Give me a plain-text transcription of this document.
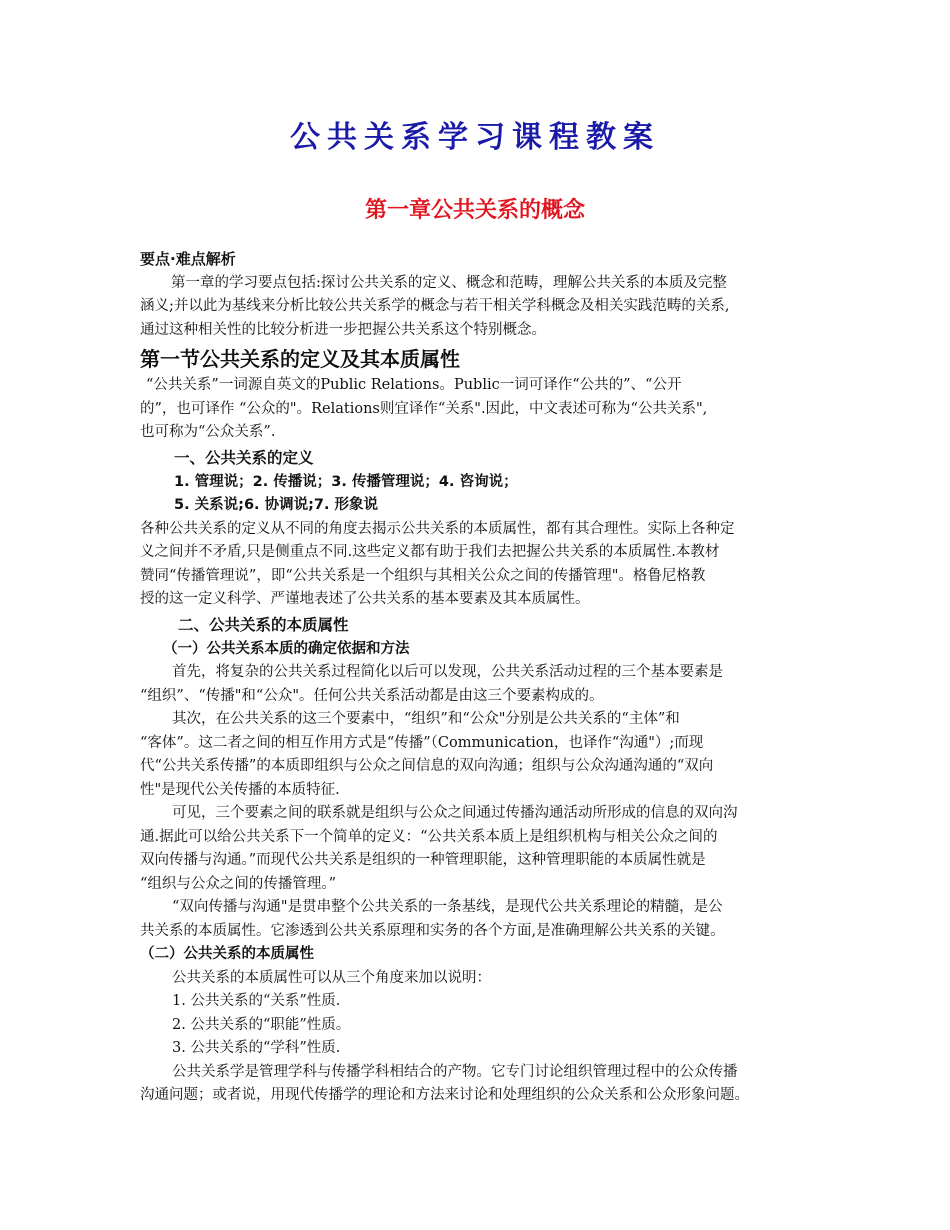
公共关系学习课程教案
第一章公共关系的概念
要点·难点解析
第一章的学习要点包括:探讨公共关系的定义、概念和范畴，理解公共关系的本质及完整
涵义;并以此为基线来分析比较公共关系学的概念与若干相关学科概念及相关实践范畴的关系,
通过这种相关性的比较分析进一步把握公共关系这个特别概念。
第一节公共关系的定义及其本质属性
“公共关系”一词源自英文的Public Relations。Public一词可译作“公共的”、“公开
的”，也可译作 “公众的"。Relations则宜译作“关系".因此，中文表述可称为“公共关系",
也可称为“公众关系”.
一、公共关系的定义
1. 管理说；2. 传播说；3. 传播管理说；4. 咨询说；
5. 关系说;6. 协调说;7. 形象说
各种公共关系的定义从不同的角度去揭示公共关系的本质属性，都有其合理性。实际上各种定
义之间并不矛盾,只是侧重点不同.这些定义都有助于我们去把握公共关系的本质属性.本教材
赞同“传播管理说”，即“公共关系是一个组织与其相关公众之间的传播管理"。格鲁尼格教
授的这一定义科学、严谨地表述了公共关系的基本要素及其本质属性。
二、公共关系的本质属性
（一）公共关系本质的确定依据和方法
首先，将复杂的公共关系过程简化以后可以发现，公共关系活动过程的三个基本要素是
“组织”、“传播"和“公众"。任何公共关系活动都是由这三个要素构成的。
其次，在公共关系的这三个要素中，“组织”和“公众"分别是公共关系的“主体”和
“客体”。这二者之间的相互作用方式是“传播”（Communication，也译作“沟通"）;而现
代“公共关系传播”的本质即组织与公众之间信息的双向沟通；组织与公众沟通沟通的“双向
性"是现代公关传播的本质特征.
可见，三个要素之间的联系就是组织与公众之间通过传播沟通活动所形成的信息的双向沟
通.据此可以给公共关系下一个简单的定义：“公共关系本质上是组织机构与相关公众之间的
双向传播与沟通。”而现代公共关系是组织的一种管理职能，这种管理职能的本质属性就是
“组织与公众之间的传播管理。”
“双向传播与沟通"是贯串整个公共关系的一条基线，是现代公共关系理论的精髓，是公
共关系的本质属性。它渗透到公共关系原理和实务的各个方面,是准确理解公共关系的关键。
（二）公共关系的本质属性
公共关系的本质属性可以从三个角度来加以说明：
1. 公共关系的“关系”性质.
2. 公共关系的“职能”性质。
3. 公共关系的“学科”性质.
公共关系学是管理学科与传播学科相结合的产物。它专门讨论组织管理过程中的公众传播
沟通问题；或者说，用现代传播学的理论和方法来讨论和处理组织的公众关系和公众形象问题。
